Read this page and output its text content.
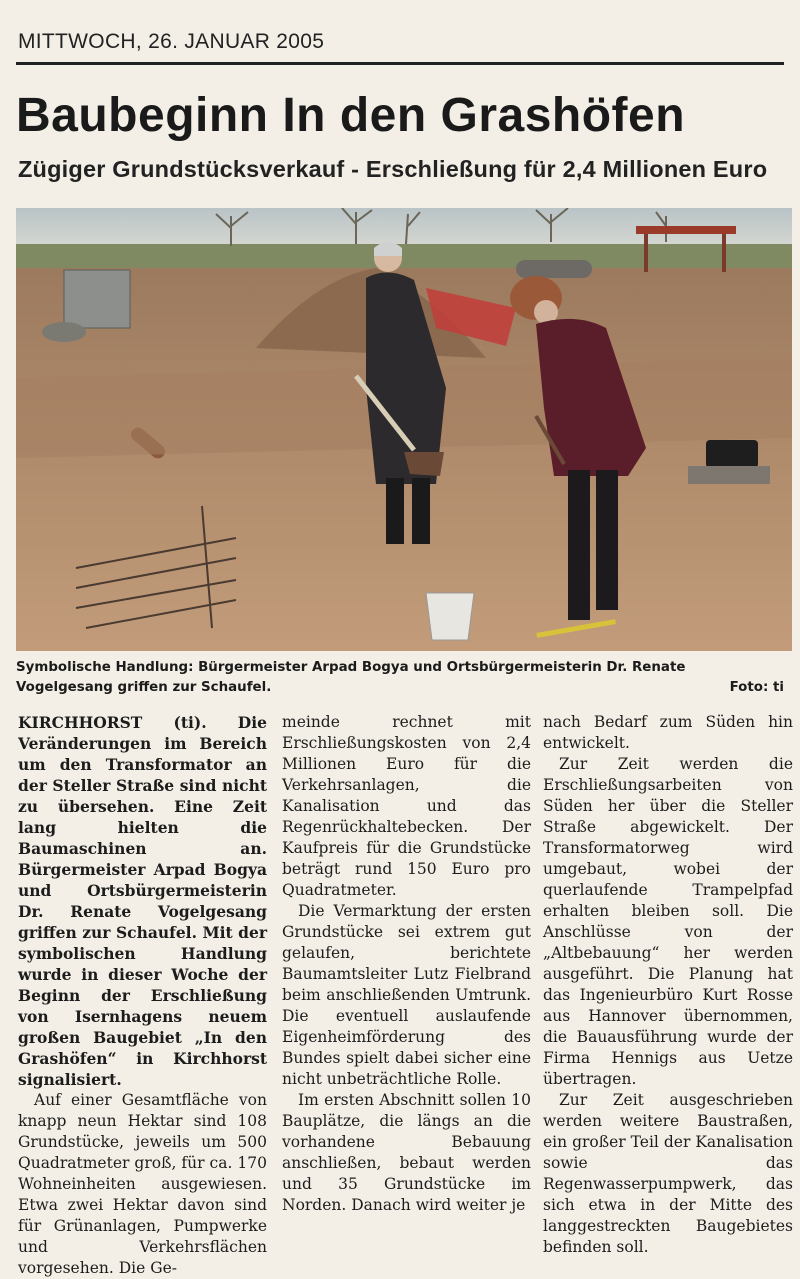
MITTWOCH, 26. JANUAR 2005
Baubeginn In den Grashöfen
Zügiger Grundstücksverkauf - Erschließung für 2,4 Millionen Euro
Symbolische Handlung: Bürgermeister Arpad Bogya und Ortsbürgermeisterin Dr. Renate Vogelgesang griffen zur Schaufel.	Foto: ti

KIRCHHORST (ti). Die Veränderungen im Bereich um den Transformator an der Steller Straße sind nicht zu übersehen. Eine Zeit lang hielten die Baumaschinen an. Bürgermeister Arpad Bogya und Ortsbürgermeisterin Dr. Renate Vogelgesang griffen zur Schaufel. Mit der symbolischen Handlung wurde in dieser Woche der Beginn der Erschließung von Isernhagens neuem großen Baugebiet „In den Grashöfen“ in Kirchhorst signalisiert.

Auf einer Gesamtfläche von knapp neun Hektar sind 108 Grundstücke, jeweils um 500 Quadratmeter groß, für ca. 170 Wohneinheiten ausgewiesen. Etwa zwei Hektar davon sind für Grünanlagen, Pumpwerke und Verkehrsflächen vorgesehen. Die Ge-

meinde rechnet mit Erschließungskosten von 2,4 Millionen Euro für die Verkehrsanlagen, die Kanalisation und das Regenrückhaltebecken. Der Kaufpreis für die Grundstücke beträgt rund 150 Euro pro Quadratmeter.

Die Vermarktung der ersten Grundstücke sei extrem gut gelaufen, berichtete Baumamtsleiter Lutz Fielbrand beim anschließenden Umtrunk. Die eventuell auslaufende Eigenheimförderung des Bundes spielt dabei sicher eine nicht unbeträchtliche Rolle.

Im ersten Abschnitt sollen 10 Bauplätze, die längs an die vorhandene Bebauung anschließen, bebaut werden und 35 Grundstücke im Norden. Danach wird weiter je

nach Bedarf zum Süden hin entwickelt.

Zur Zeit werden die Erschließungsarbeiten von Süden her über die Steller Straße abgewickelt. Der Transformatorweg wird umgebaut, wobei der querlaufende Trampelpfad erhalten bleiben soll. Die Anschlüsse von der „Altbebauung“ her werden ausgeführt. Die Planung hat das Ingenieurbüro Kurt Rosse aus Hannover übernommen, die Bauausführung wurde der Firma Hennigs aus Uetze übertragen.

Zur Zeit ausgeschrieben werden weitere Baustraßen, ein großer Teil der Kanalisation sowie das Regenwasserpumpwerk, das sich etwa in der Mitte des langgestreckten Baugebietes befinden soll.
